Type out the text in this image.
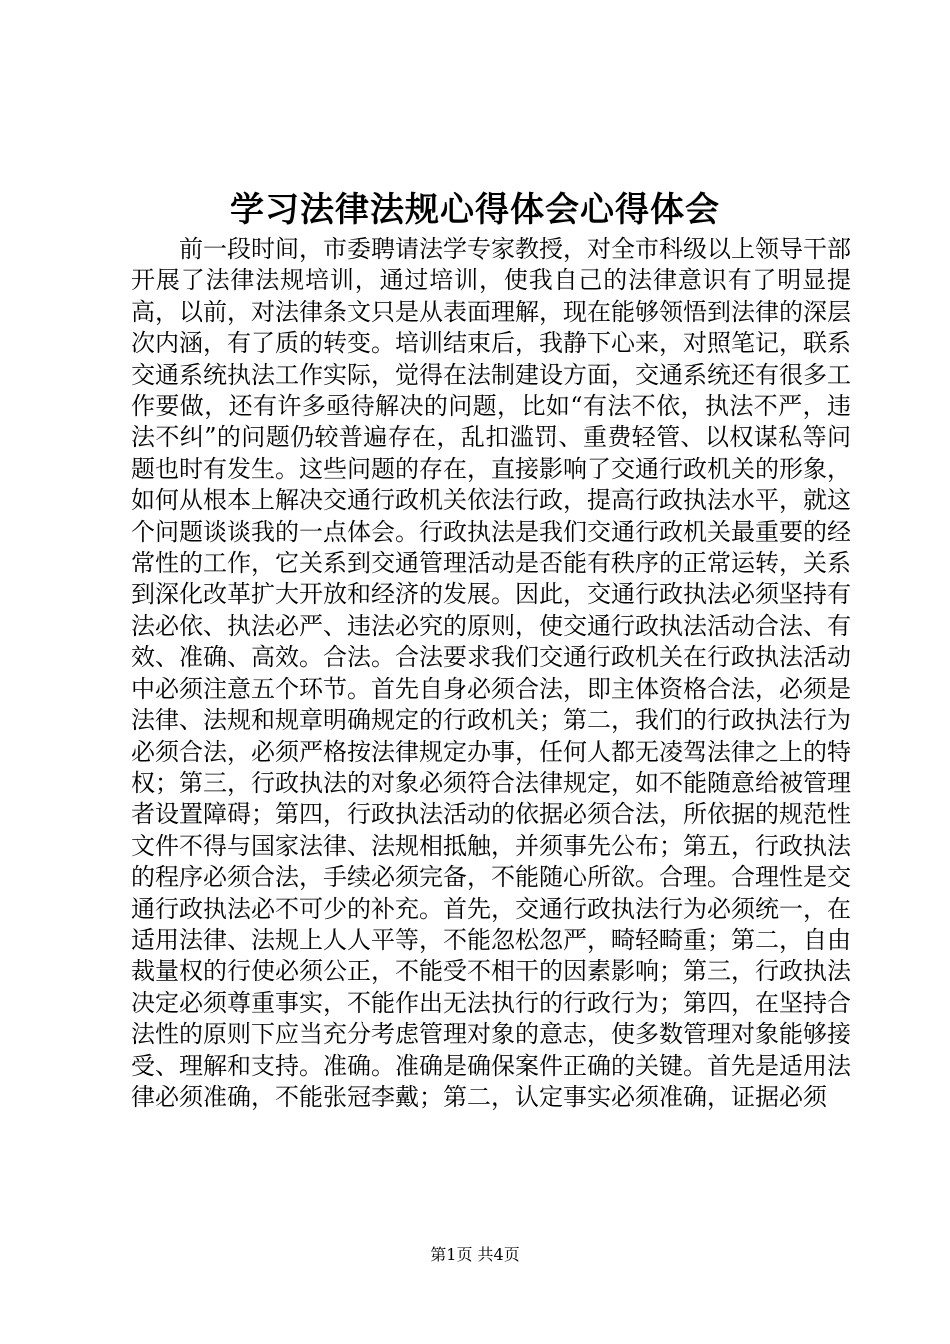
学习法律法规心得体会心得体会

前一段时间，市委聘请法学专家教授，对全市科级以上领导干部开展了法律法规培训，通过培训，使我自己的法律意识有了明显提高，以前，对法律条文只是从表面理解，现在能够领悟到法律的深层次内涵，有了质的转变。培训结束后，我静下心来，对照笔记，联系交通系统执法工作实际，觉得在法制建设方面，交通系统还有很多工作要做，还有许多亟待解决的问题，比如“有法不依，执法不严，违法不纠”的问题仍较普遍存在，乱扣滥罚、重费轻管、以权谋私等问题也时有发生。这些问题的存在，直接影响了交通行政机关的形象，如何从根本上解决交通行政机关依法行政，提高行政执法水平，就这个问题谈谈我的一点体会。行政执法是我们交通行政机关最重要的经常性的工作，它关系到交通管理活动是否能有秩序的正常运转，关系到深化改革扩大开放和经济的发展。因此，交通行政执法必须坚持有法必依、执法必严、违法必究的原则，使交通行政执法活动合法、有效、准确、高效。合法。合法要求我们交通行政机关在行政执法活动中必须注意五个环节。首先自身必须合法，即主体资格合法，必须是法律、法规和规章明确规定的行政机关；第二，我们的行政执法行为必须合法，必须严格按法律规定办事，任何人都无凌驾法律之上的特权；第三，行政执法的对象必须符合法律规定，如不能随意给被管理者设置障碍；第四，行政执法活动的依据必须合法，所依据的规范性文件不得与国家法律、法规相抵触，并须事先公布；第五，行政执法的程序必须合法，手续必须完备，不能随心所欲。合理。合理性是交通行政执法必不可少的补充。首先，交通行政执法行为必须统一，在适用法律、法规上人人平等，不能忽松忽严，畸轻畸重；第二，自由裁量权的行使必须公正，不能受不相干的因素影响；第三，行政执法决定必须尊重事实，不能作出无法执行的行政行为；第四，在坚持合法性的原则下应当充分考虑管理对象的意志，使多数管理对象能够接受、理解和支持。准确。准确是确保案件正确的关键。首先是适用法律必须准确，不能张冠李戴；第二，认定事实必须准确，证据必须

第1页 共4页
